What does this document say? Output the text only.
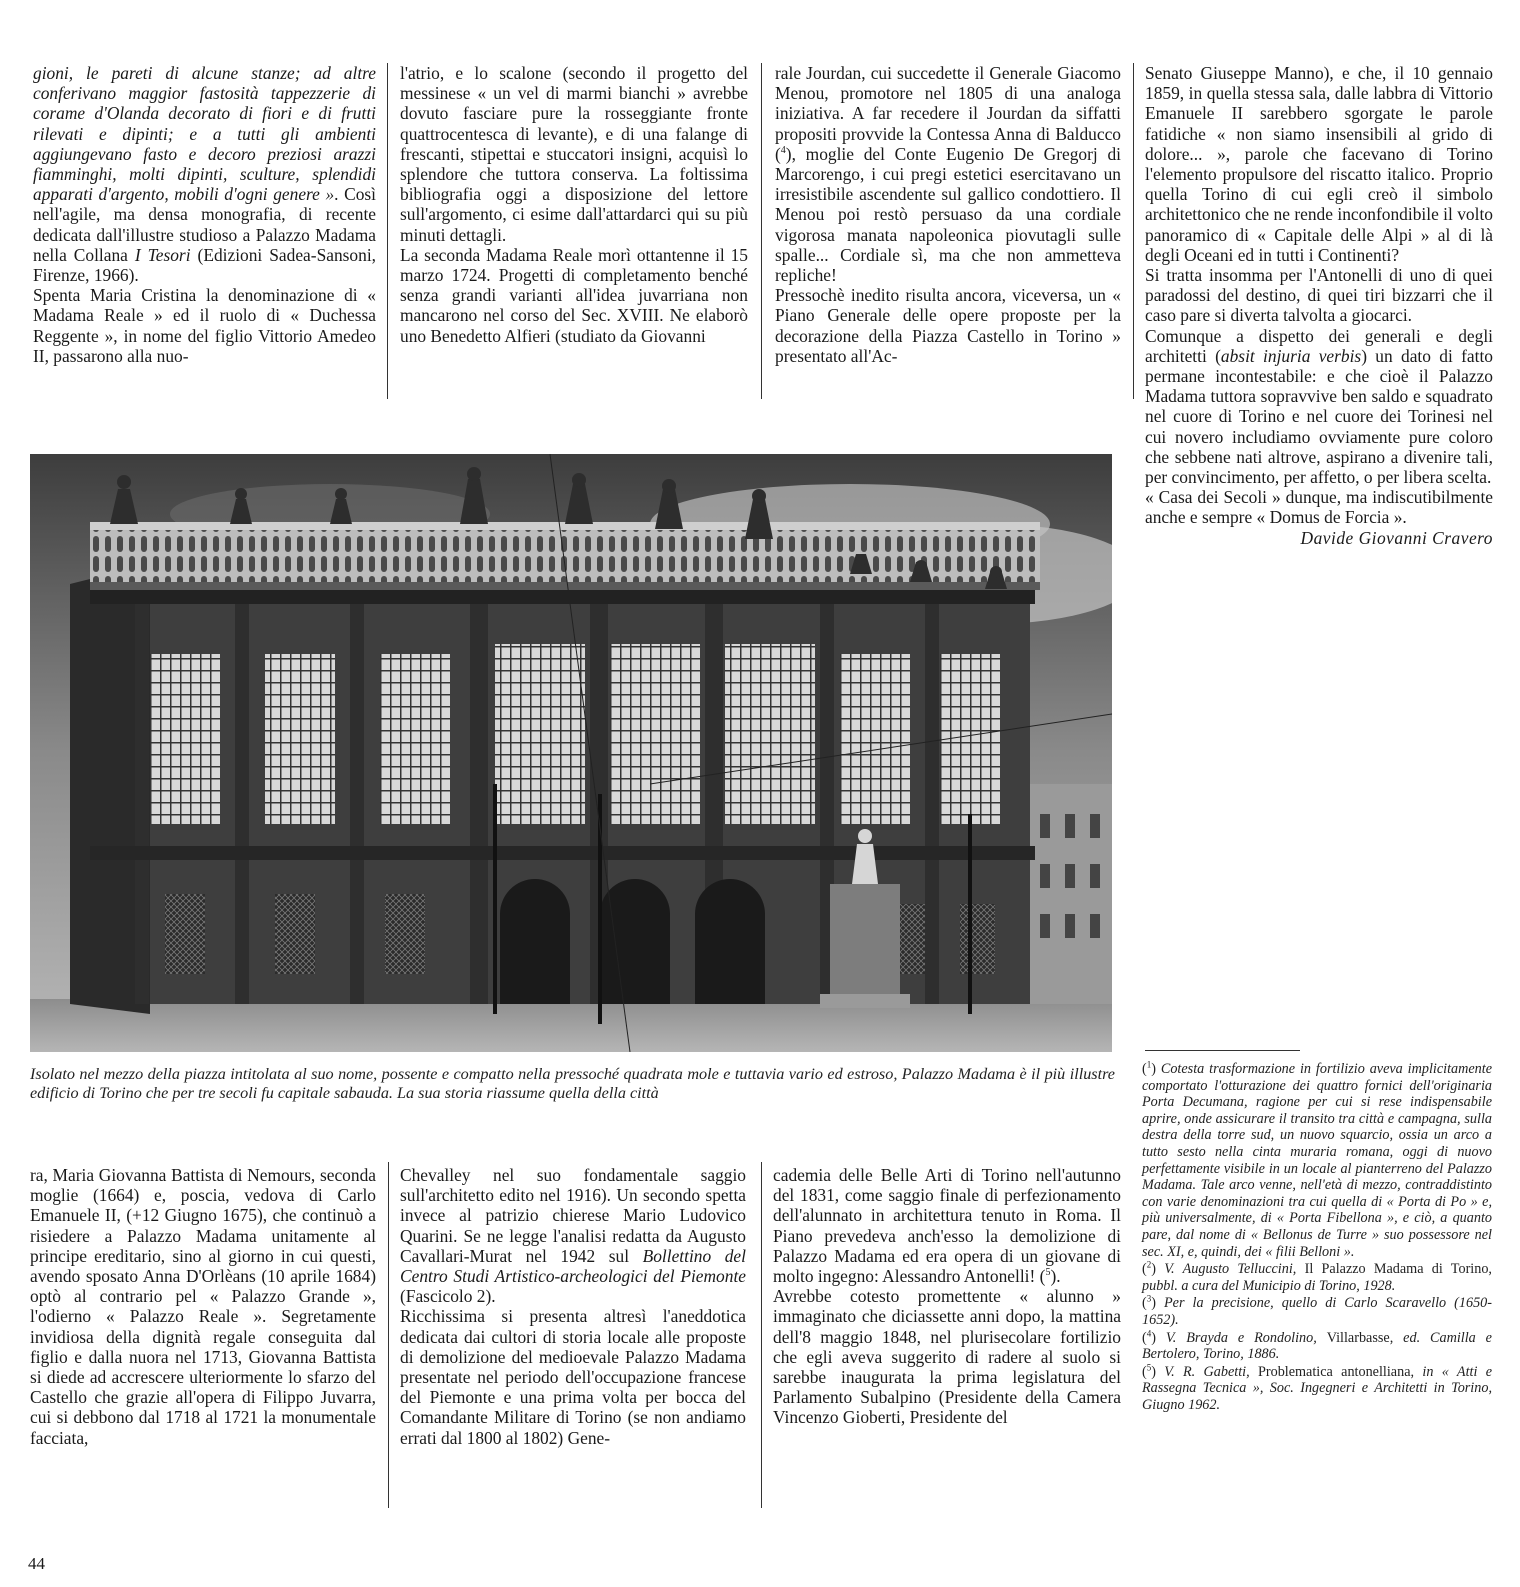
gioni, le pareti di alcune stanze; ad altre conferivano maggior fastosità tappezzerie di corame d'Olanda decorato di fiori e di frutti rilevati e dipinti; e a tutti gli ambienti aggiungevano fasto e decoro preziosi arazzi fiamminghi, molti dipinti, sculture, splendidi apparati d'argento, mobili d'ogni genere ». Così nell'agile, ma densa monografia, di recente dedicata dall'illustre studioso a Palazzo Madama nella Collana I Tesori (Edizioni Sadea-Sansoni, Firenze, 1966).

Spenta Maria Cristina la denominazione di « Madama Reale » ed il ruolo di « Duchessa Reggente », in nome del figlio Vittorio Amedeo II, passarono alla nuo-

l'atrio, e lo scalone (secondo il progetto del messinese « un vel di marmi bianchi » avrebbe dovuto fasciare pure la rosseggiante fronte quattrocentesca di levante), e di una falange di frescanti, stipettai e stuccatori insigni, acquisì lo splendore che tuttora conserva. La foltissima bibliografia oggi a disposizione del lettore sull'argomento, ci esime dall'attardarci qui su più minuti dettagli.

La seconda Madama Reale morì ottantenne il 15 marzo 1724. Progetti di completamento benché senza grandi varianti all'idea juvarriana non mancarono nel corso del Sec. XVIII. Ne elaborò uno Benedetto Alfieri (studiato da Giovanni

rale Jourdan, cui succedette il Generale Giacomo Menou, promotore nel 1805 di una analoga iniziativa. A far recedere il Jourdan da siffatti propositi provvide la Contessa Anna di Balducco ($^4$), moglie del Conte Eugenio De Gregorj di Marcorengo, i cui pregi estetici esercitavano un irresistibile ascendente sul gallico condottiero. Il Menou poi restò persuaso da una cordiale vigorosa manata napoleonica piovutagli sulle spalle... Cordiale sì, ma che non ammetteva repliche!

Pressochè inedito risulta ancora, viceversa, un « Piano Generale delle opere proposte per la decorazione della Piazza Castello in Torino » presentato all'Ac-

Senato Giuseppe Manno), e che, il 10 gennaio 1859, in quella stessa sala, dalle labbra di Vittorio Emanuele II sarebbero sgorgate le parole fatidiche « non siamo insensibili al grido di dolore... », parole che facevano di Torino l'elemento propulsore del riscatto italico. Proprio quella Torino di cui egli creò il simbolo architettonico che ne rende inconfondibile il volto panoramico di « Capitale delle Alpi » al di là degli Oceani ed in tutti i Continenti?

Si tratta insomma per l'Antonelli di uno di quei paradossi del destino, di quei tiri bizzarri che il caso pare si diverta talvolta a giocarci.

Comunque a dispetto dei generali e degli architetti (absit injuria verbis) un dato di fatto permane incontestabile: e che cioè il Palazzo Madama tuttora sopravvive ben saldo e squadrato nel cuore di Torino e nel cuore dei Torinesi nel cui novero includiamo ovviamente pure coloro che sebbene nati altrove, aspirano a divenire tali, per convincimento, per affetto, o per libera scelta.

« Casa dei Secoli » dunque, ma indiscutibilmente anche e sempre « Domus de Forcia ».

Davide Giovanni Cravero

Isolato nel mezzo della piazza intitolata al suo nome, possente e compatto nella pressoché quadrata mole e tuttavia vario ed estroso, Palazzo Madama è il più illustre edificio di Torino che per tre secoli fu capitale sabauda. La sua storia riassume quella della città

($^1$) Cotesta trasformazione in fortilizio aveva implicitamente comportato l'otturazione dei quattro fornici dell'originaria Porta Decumana, ragione per cui si rese indispensabile aprire, onde assicurare il transito tra città e campagna, sulla destra della torre sud, un nuovo squarcio, ossia un arco a tutto sesto nella cinta muraria romana, oggi di nuovo perfettamente visibile in un locale al pianterreno del Palazzo Madama. Tale arco venne, nell'età di mezzo, contraddistinto con varie denominazioni tra cui quella di « Porta di Po » e, più universalmente, di « Porta Fibellona », e ciò, a quanto pare, dal nome di « Bellonus de Turre » suo possessore nel sec. XI, e, quindi, dei « filii Belloni ».

($^2$) V. Augusto Telluccini, Il Palazzo Madama di Torino, pubbl. a cura del Municipio di Torino, 1928.

($^3$) Per la precisione, quello di Carlo Scaravello (1650-1652).

($^4$) V. Brayda e Rondolino, Villarbasse, ed. Camilla e Bertolero, Torino, 1886.

($^5$) V. R. Gabetti, Problematica antonelliana, in « Atti e Rassegna Tecnica », Soc. Ingegneri e Architetti in Torino, Giugno 1962.

ra, Maria Giovanna Battista di Nemours, seconda moglie (1664) e, poscia, vedova di Carlo Emanuele II, (+12 Giugno 1675), che continuò a risiedere a Palazzo Madama unitamente al principe ereditario, sino al giorno in cui questi, avendo sposato Anna D'Orlèans (10 aprile 1684) optò al contrario pel « Palazzo Grande », l'odierno « Palazzo Reale ». Segretamente invidiosa della dignità regale conseguita dal figlio e dalla nuora nel 1713, Giovanna Battista si diede ad accrescere ulteriormente lo sfarzo del Castello che grazie all'opera di Filippo Juvarra, cui si debbono dal 1718 al 1721 la monumentale facciata,

Chevalley nel suo fondamentale saggio sull'architetto edito nel 1916). Un secondo spetta invece al patrizio chierese Mario Ludovico Quarini. Se ne legge l'analisi redatta da Augusto Cavallari-Murat nel 1942 sul Bollettino del Centro Studi Artistico-archeologici del Piemonte (Fascicolo 2).

Ricchissima si presenta altresì l'aneddotica dedicata dai cultori di storia locale alle proposte di demolizione del medioevale Palazzo Madama presentate nel periodo dell'occupazione francese del Piemonte e una prima volta per bocca del Comandante Militare di Torino (se non andiamo errati dal 1800 al 1802) Gene-

cademia delle Belle Arti di Torino nell'autunno del 1831, come saggio finale di perfezionamento dell'alunnato in architettura tenuto in Roma. Il Piano prevedeva anch'esso la demolizione di Palazzo Madama ed era opera di un giovane di molto ingegno: Alessandro Antonelli! ($^5$).

Avrebbe cotesto promettente « alunno » immaginato che diciassette anni dopo, la mattina dell'8 maggio 1848, nel plurisecolare fortilizio che egli aveva suggerito di radere al suolo si sarebbe inaugurata la prima legislatura del Parlamento Subalpino (Presidente della Camera Vincenzo Gioberti, Presidente del

44
